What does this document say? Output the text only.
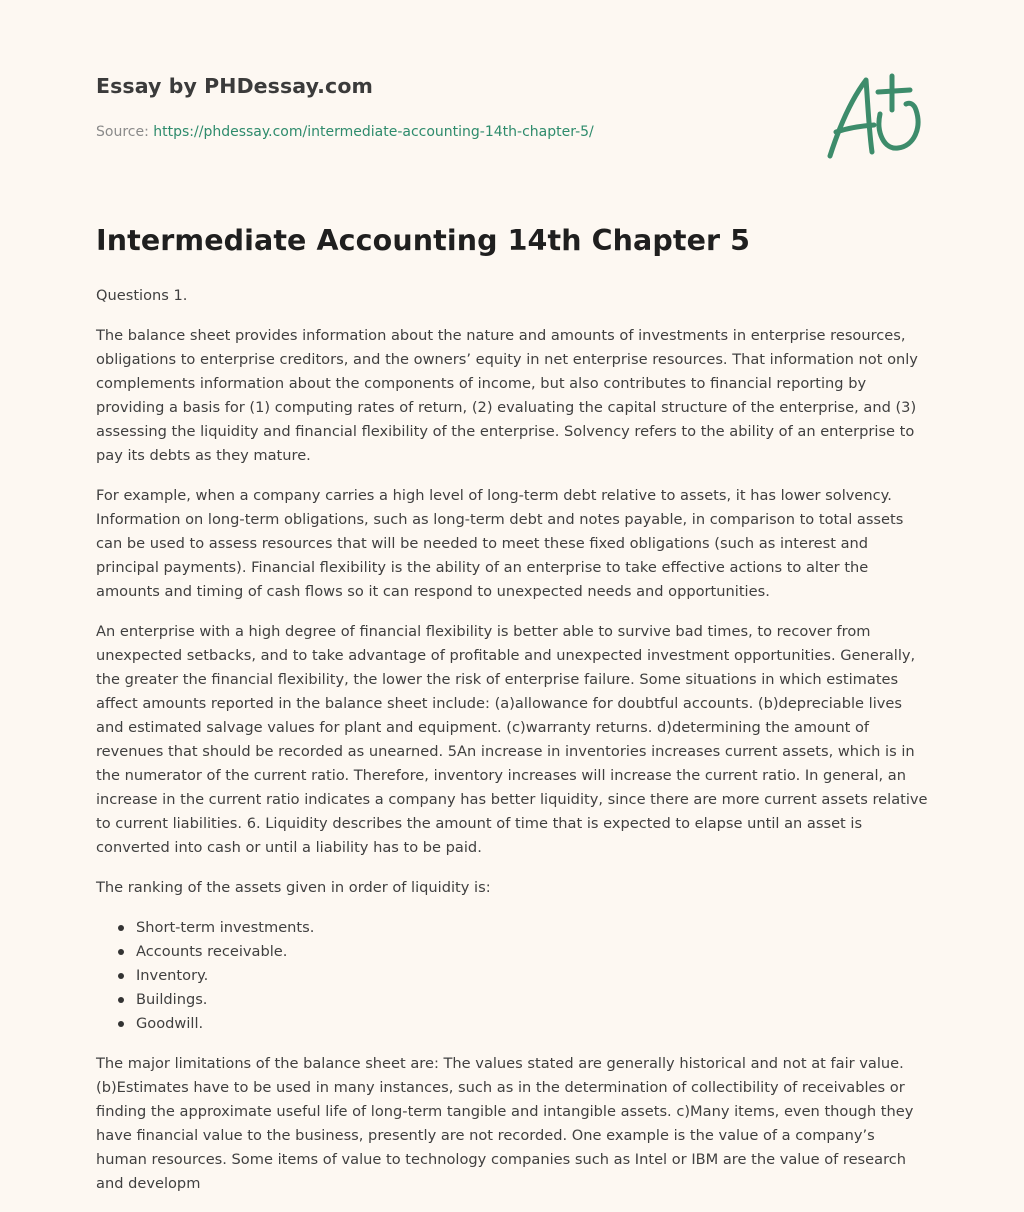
Essay by PHDessay.com

Source: https://phdessay.com/intermediate-accounting-14th-chapter-5/
Intermediate Accounting 14th Chapter 5

Questions 1.

The balance sheet provides information about the nature and amounts of investments in enterprise resources, obligations to enterprise creditors, and the owners’ equity in net enterprise resources. That information not only complements information about the components of income, but also contributes to financial reporting by providing a basis for (1) computing rates of return, (2) evaluating the capital structure of the enterprise, and (3) assessing the liquidity and financial flexibility of the enterprise. Solvency refers to the ability of an enterprise to pay its debts as they mature.

For example, when a company carries a high level of long-term debt relative to assets, it has lower solvency. Information on long-term obligations, such as long-term debt and notes payable, in comparison to total assets can be used to assess resources that will be needed to meet these fixed obligations (such as interest and principal payments). Financial flexibility is the ability of an enterprise to take effective actions to alter the amounts and timing of cash flows so it can respond to unexpected needs and opportunities.

An enterprise with a high degree of financial flexibility is better able to survive bad times, to recover from unexpected setbacks, and to take advantage of profitable and unexpected investment opportunities. Generally, the greater the financial flexibility, the lower the risk of enterprise failure. Some situations in which estimates affect amounts reported in the balance sheet include: (a)allowance for doubtful accounts. (b)depreciable lives and estimated salvage values for plant and equipment. (c)warranty returns. d)determining the amount of revenues that should be recorded as unearned. 5An increase in inventories increases current assets, which is in the numerator of the current ratio. Therefore, inventory increases will increase the current ratio. In general, an increase in the current ratio indicates a company has better liquidity, since there are more current assets relative to current liabilities. 6. Liquidity describes the amount of time that is expected to elapse until an asset is converted into cash or until a liability has to be paid.

The ranking of the assets given in order of liquidity is:

Short-term investments.
Accounts receivable.
Inventory.
Buildings.
Goodwill.

The major limitations of the balance sheet are: The values stated are generally historical and not at fair value. (b)Estimates have to be used in many instances, such as in the determination of collectibility of receivables or finding the approximate useful life of long-term tangible and intangible assets. c)Many items, even though they have financial value to the business, presently are not recorded. One example is the value of a company’s human resources. Some items of value to technology companies such as Intel or IBM are the value of research and developm
